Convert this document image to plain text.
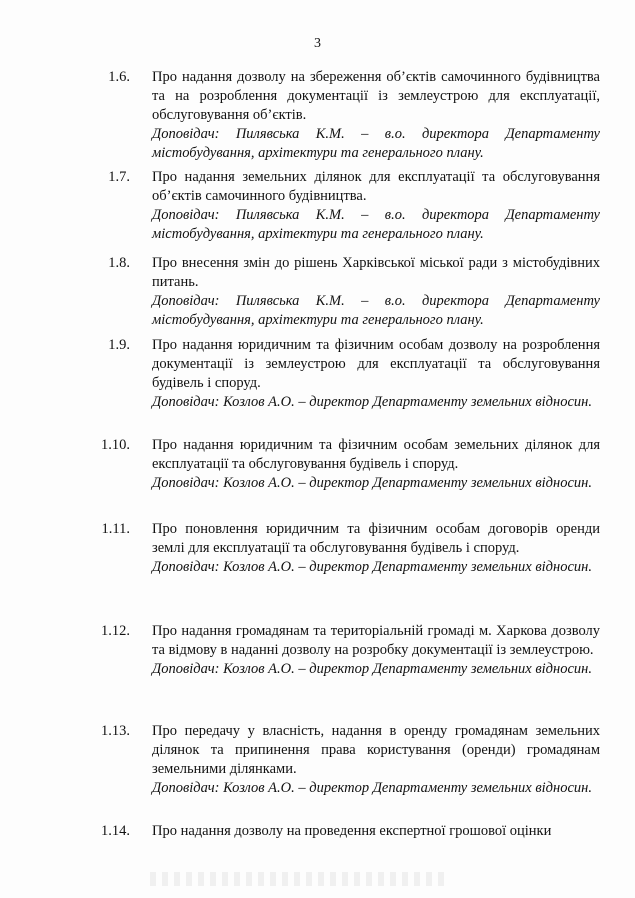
3
1.6. Про надання дозволу на збереження об’єктів самочинного будівництва та на розроблення документації із землеустрою для експлуатації, обслуговування об’єктів.

Доповідач: Пилявська К.М. – в.о. директора Департаменту містобудування, архітектури та генерального плану.

1.7. Про надання земельних ділянок для експлуатації та обслуговування об’єктів самочинного будівництва.

Доповідач: Пилявська К.М. – в.о. директора Департаменту містобудування, архітектури та генерального плану.

1.8. Про внесення змін до рішень Харківської міської ради з містобудівних питань.

Доповідач: Пилявська К.М. – в.о. директора Департаменту містобудування, архітектури та генерального плану.

1.9. Про надання юридичним та фізичним особам дозволу на розроблення документації із землеустрою для експлуатації та обслуговування будівель і споруд.

Доповідач: Козлов А.О. – директор Департаменту земельних відносин.

1.10. Про надання юридичним та фізичним особам земельних ділянок для експлуатації та обслуговування будівель і споруд.

Доповідач: Козлов А.О. – директор Департаменту земельних відносин.

1.11. Про поновлення юридичним та фізичним особам договорів оренди землі для експлуатації та обслуговування будівель і споруд.

Доповідач: Козлов А.О. – директор Департаменту земельних відносин.

1.12. Про надання громадянам та територіальній громаді м. Харкова дозволу та відмову в наданні дозволу на розробку документації із землеустрою.

Доповідач: Козлов А.О. – директор Департаменту земельних відносин.

1.13. Про передачу у власність, надання в оренду громадянам земельних ділянок та припинення права користування (оренди) громадянам земельними ділянками.

Доповідач: Козлов А.О. – директор Департаменту земельних відносин.

1.14. Про надання дозволу на проведення експертної грошової оцінки
